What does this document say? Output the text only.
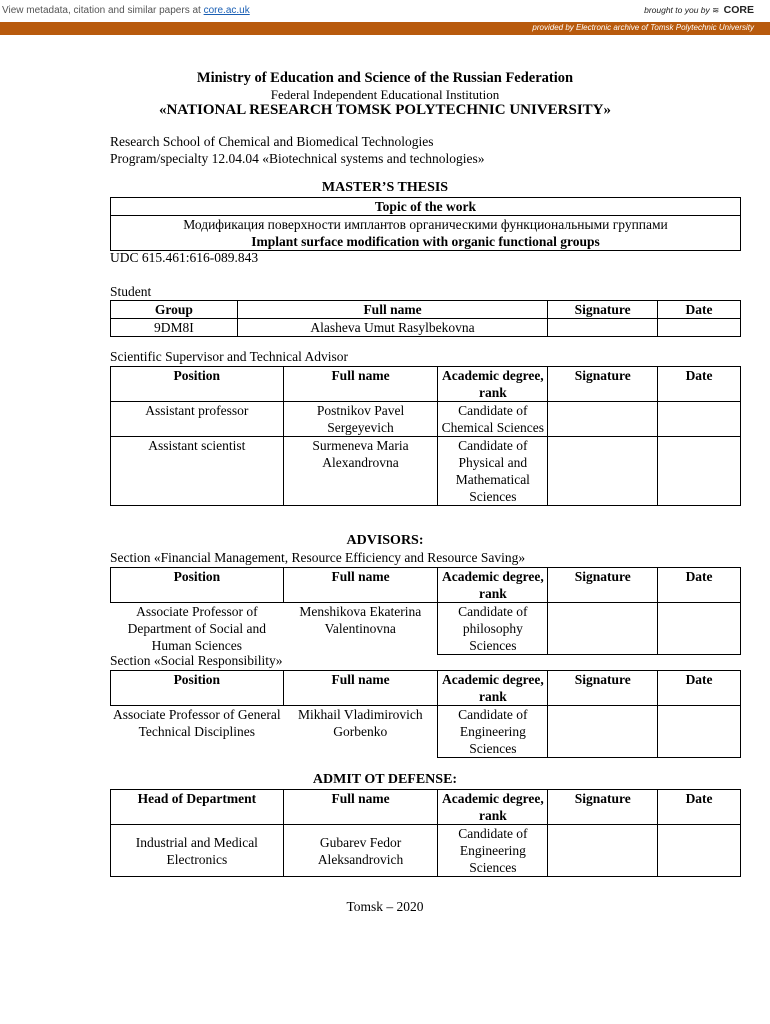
View metadata, citation and similar papers at core.ac.uk	brought to you by ≋ CORE
provided by Electronic archive of Tomsk Polytechnic University
Ministry of Education and Science of the Russian Federation
Federal Independent Educational Institution
«NATIONAL RESEARCH TOMSK POLYTECHNIC UNIVERSITY»
Research School of Chemical and Biomedical Technologies
Program/specialty 12.04.04 «Biotechnical systems and technologies»
MASTER’S THESIS
Topic of the work

Модификация поверхности имплантов органическими функциональными группами
Implant surface modification with organic functional groups
UDC 615.461:616-089.843
Student
Group	Full name	Signature	Date
9DM8I	Alasheva Umut Rasylbekovna		
Scientific Supervisor and Technical Advisor
Position	Full name	Academic degree, rank	Signature	Date
Assistant professor	Postnikov Pavel Sergeyevich	Candidate of Chemical Sciences		
Assistant scientist	Surmeneva Maria Alexandrovna	Candidate of Physical and Mathematical Sciences		
ADVISORS:
Section «Financial Management, Resource Efficiency and Resource Saving»
Position	Full name	Academic degree, rank	Signature	Date
Associate Professor of Department of Social and Human Sciences	Menshikova Ekaterina Valentinovna	Candidate of philosophy Sciences		
Section «Social Responsibility»
Position	Full name	Academic degree, rank	Signature	Date
Associate Professor of General Technical Disciplines	Mikhail Vladimirovich Gorbenko	Candidate of Engineering Sciences		
ADMIT OT DEFENSE:
Head of Department	Full name	Academic degree, rank	Signature	Date
Industrial and Medical Electronics	Gubarev Fedor Aleksandrovich	Candidate of Engineering Sciences		
Tomsk – 2020
